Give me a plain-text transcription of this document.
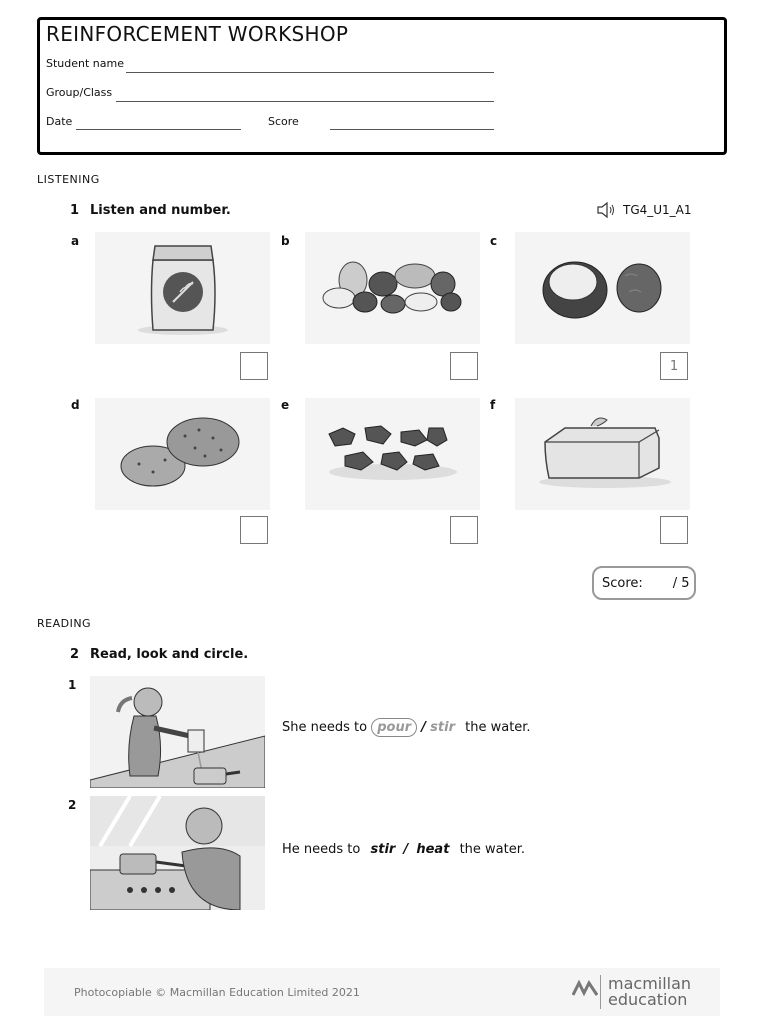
REINFORCEMENT WORKSHOP
Student name
Group/Class
Date	Score
LISTENING
1 Listen and number.	TG4_U1_A1
a	b	c
1
d	e	f
Score: / 5
READING
2 Read, look and circle.
1
She needs to pour / stir the water.
2
He needs to stir / heat the water.
Photocopiable © Macmillan Education Limited 2021	macmillan
education
